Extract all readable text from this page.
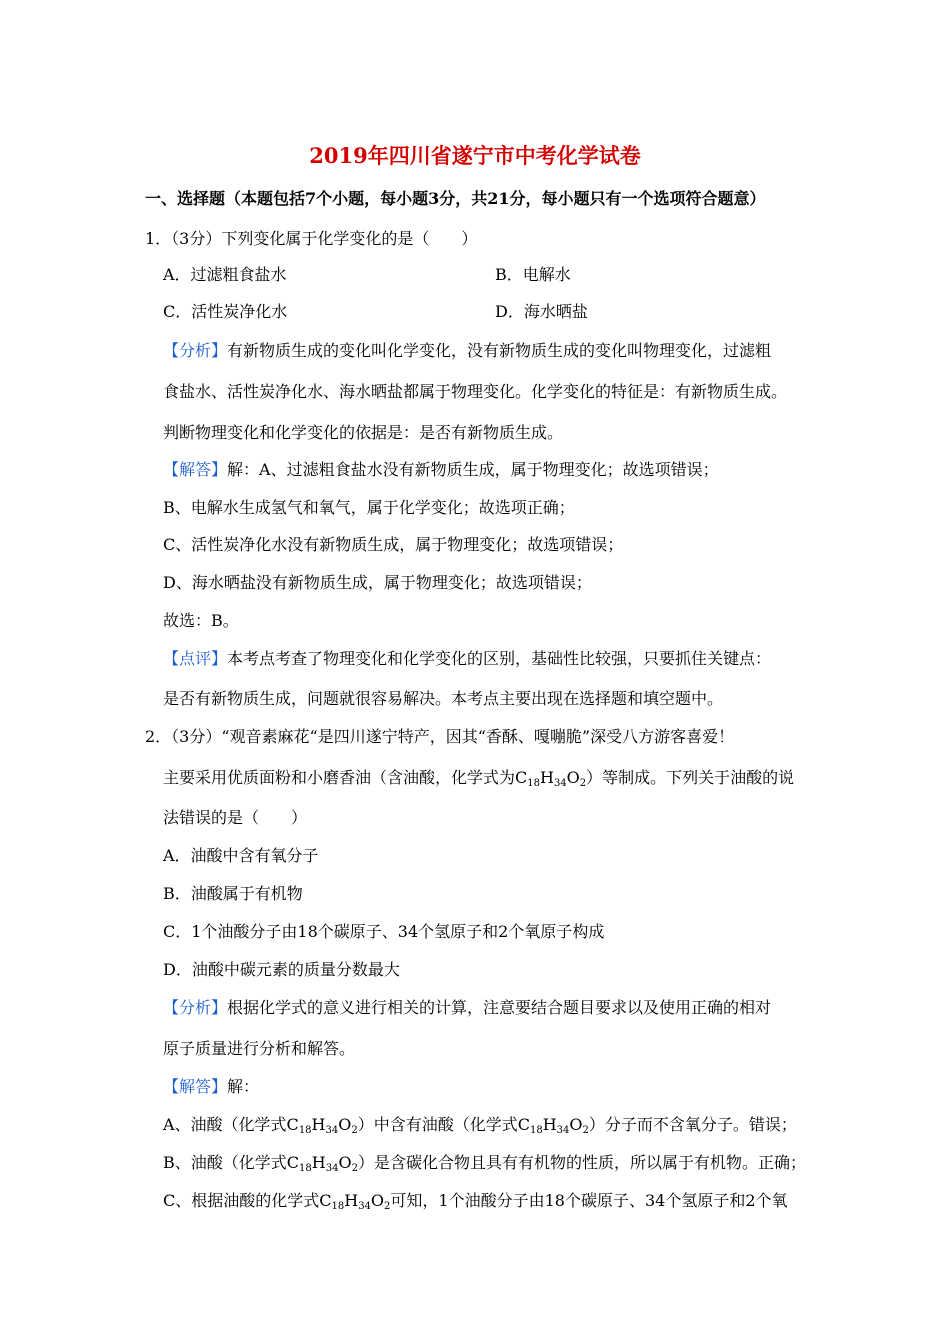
2019年四川省遂宁市中考化学试卷
一、选择题（本题包括7个小题，每小题3分，共21分，每小题只有一个选项符合题意）
1．（3分）下列变化属于化学变化的是（　　）
A．过滤粗食盐水	B．电解水
C．活性炭净化水	D．海水晒盐
【分析】有新物质生成的变化叫化学变化，没有新物质生成的变化叫物理变化，过滤粗
食盐水、活性炭净化水、海水晒盐都属于物理变化。化学变化的特征是：有新物质生成。
判断物理变化和化学变化的依据是：是否有新物质生成。
【解答】解：A、过滤粗食盐水没有新物质生成，属于物理变化；故选项错误；
B、电解水生成氢气和氧气，属于化学变化；故选项正确；
C、活性炭净化水没有新物质生成，属于物理变化；故选项错误；
D、海水晒盐没有新物质生成，属于物理变化；故选项错误；
故选：B。
【点评】本考点考查了物理变化和化学变化的区别，基础性比较强，只要抓住关键点：
是否有新物质生成，问题就很容易解决。本考点主要出现在选择题和填空题中。
2．（3分）“观音素麻花“是四川遂宁特产，因其“香酥、嘎嘣脆”深受八方游客喜爱！
主要采用优质面粉和小磨香油（含油酸，化学式为$C_{18}H_{34}O_2$）等制成。下列关于油酸的说
法错误的是（　　）
A．油酸中含有氧分子
B．油酸属于有机物
C．1个油酸分子由18个碳原子、34个氢原子和2个氧原子构成
D．油酸中碳元素的质量分数最大
【分析】根据化学式的意义进行相关的计算，注意要结合题目要求以及使用正确的相对
原子质量进行分析和解答。
【解答】解：
A、油酸（化学式$C_{18}H_{34}O_2$）中含有油酸（化学式$C_{18}H_{34}O_2$）分子而不含氧分子。错误；
B、油酸（化学式$C_{18}H_{34}O_2$）是含碳化合物且具有有机物的性质，所以属于有机物。正确；
C、根据油酸的化学式$C_{18}H_{34}O_2$可知，1个油酸分子由18个碳原子、34个氢原子和2个氧
